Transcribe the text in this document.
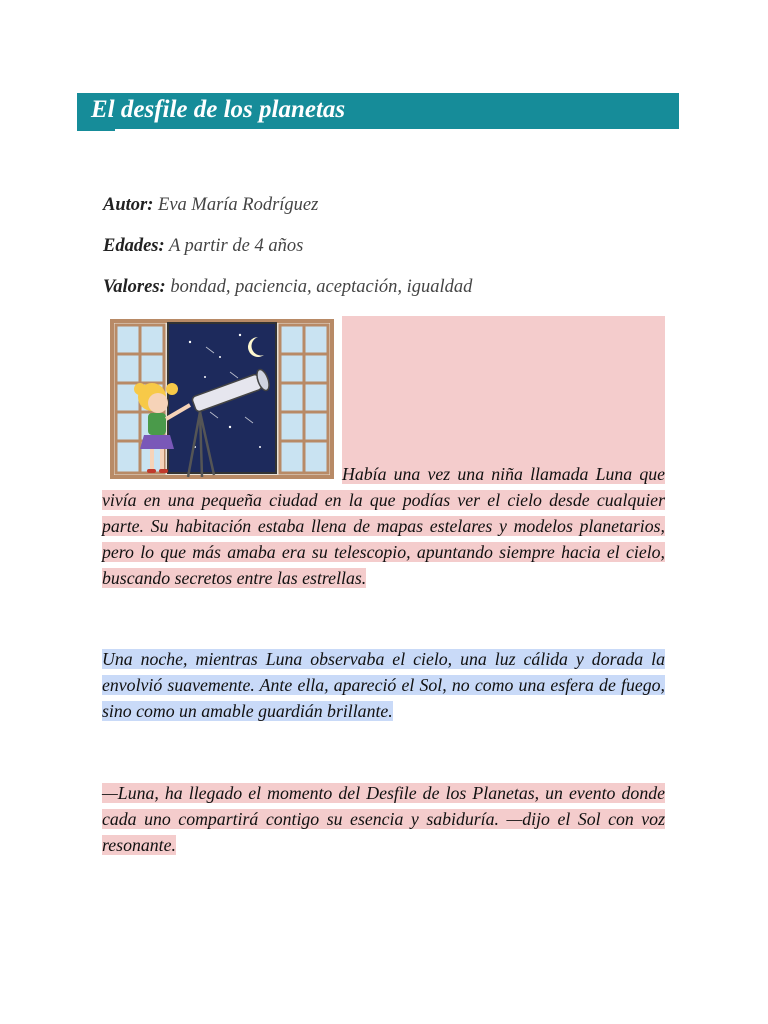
El desfile de los planetas
Autor: Eva María Rodríguez
Edades: A partir de 4 años
Valores: bondad, paciencia, aceptación, igualdad
Había una vez una niña llamada Luna que vivía en una pequeña ciudad en la que podías ver el cielo desde cualquier parte. Su habitación estaba llena de mapas estelares y modelos planetarios, pero lo que más amaba era su telescopio, apuntando siempre hacia el cielo, buscando secretos entre las estrellas.
Una noche, mientras Luna observaba el cielo, una luz cálida y dorada la envolvió suavemente. Ante ella, apareció el Sol, no como una esfera de fuego, sino como un amable guardián brillante.
—Luna, ha llegado el momento del Desfile de los Planetas, un evento donde cada uno compartirá contigo su esencia y sabiduría. —dijo el Sol con voz resonante.
